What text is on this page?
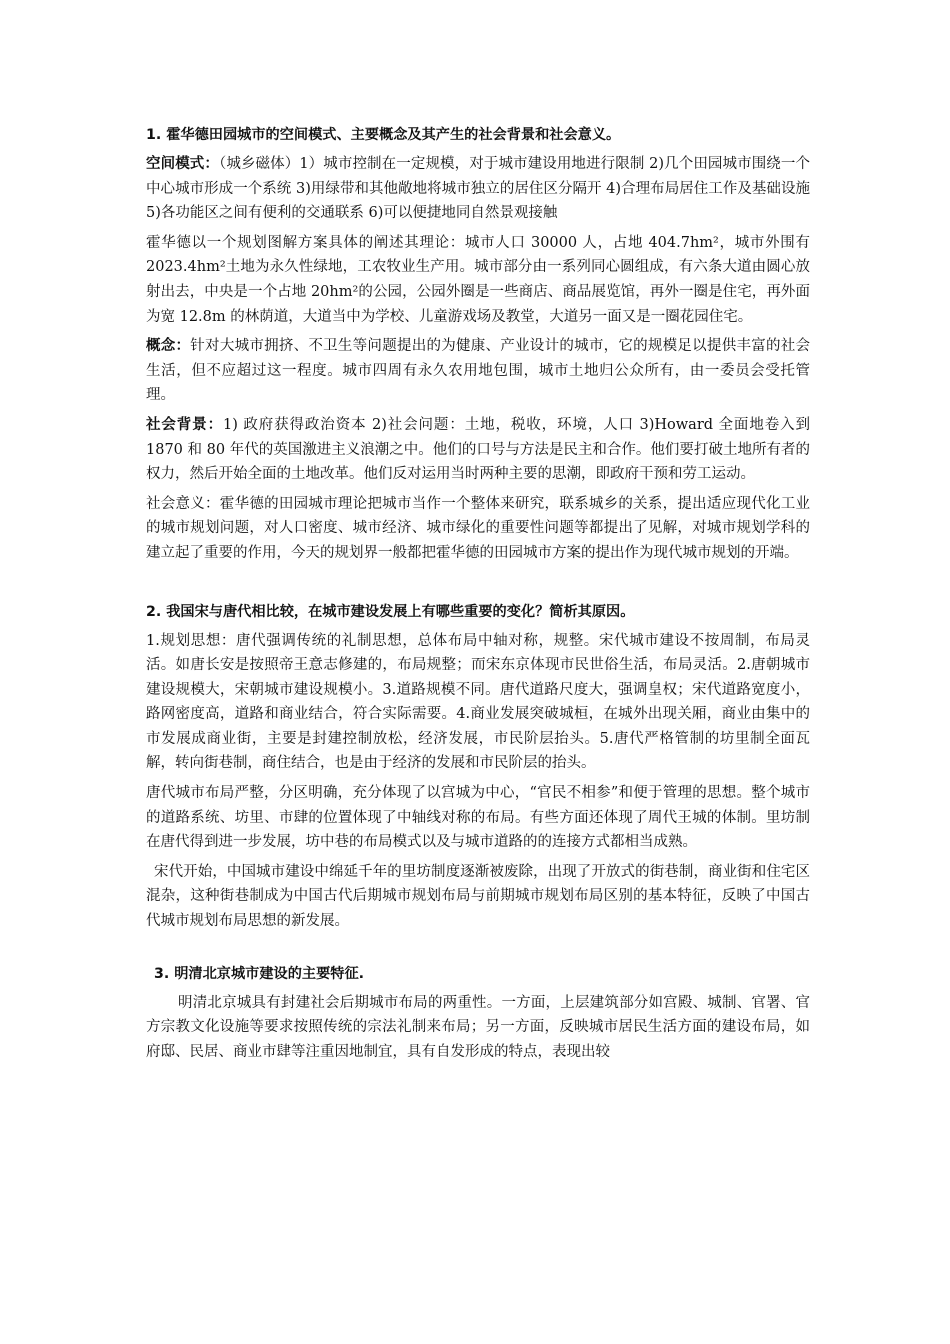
1. 霍华德田园城市的空间模式、主要概念及其产生的社会背景和社会意义。

空间模式：（城乡磁体）1）城市控制在一定规模，对于城市建设用地进行限制 2)几个田园城市围绕一个中心城市形成一个系统 3)用绿带和其他敞地将城市独立的居住区分隔开 4)合理布局居住工作及基础设施 5)各功能区之间有便利的交通联系 6)可以便捷地同自然景观接触

霍华德以一个规划图解方案具体的阐述其理论：城市人口 30000 人，占地 404.7hm²，城市外围有 2023.4hm²土地为永久性绿地，工农牧业生产用。城市部分由一系列同心圆组成，有六条大道由圆心放射出去，中央是一个占地 20hm²的公园，公园外圈是一些商店、商品展览馆，再外一圈是住宅，再外面为宽 12.8m 的林荫道，大道当中为学校、儿童游戏场及教堂，大道另一面又是一圈花园住宅。

概念：针对大城市拥挤、不卫生等问题提出的为健康、产业设计的城市，它的规模足以提供丰富的社会生活，但不应超过这一程度。城市四周有永久农用地包围，城市土地归公众所有，由一委员会受托管理。

社会背景：1) 政府获得政治资本 2)社会问题：土地，税收，环境，人口 3)Howard 全面地卷入到 1870 和 80 年代的英国激进主义浪潮之中。他们的口号与方法是民主和合作。他们要打破土地所有者的权力，然后开始全面的土地改革。他们反对运用当时两种主要的思潮，即政府干预和劳工运动。

社会意义：霍华德的田园城市理论把城市当作一个整体来研究，联系城乡的关系，提出适应现代化工业的城市规划问题，对人口密度、城市经济、城市绿化的重要性问题等都提出了见解，对城市规划学科的建立起了重要的作用，今天的规划界一般都把霍华德的田园城市方案的提出作为现代城市规划的开端。

2. 我国宋与唐代相比较，在城市建设发展上有哪些重要的变化？简析其原因。

1.规划思想：唐代强调传统的礼制思想，总体布局中轴对称，规整。宋代城市建设不按周制，布局灵活。如唐长安是按照帝王意志修建的，布局规整；而宋东京体现市民世俗生活，布局灵活。2.唐朝城市建设规模大，宋朝城市建设规模小。3.道路规模不同。唐代道路尺度大，强调皇权；宋代道路宽度小，路网密度高，道路和商业结合，符合实际需要。4.商业发展突破城桓，在城外出现关厢，商业由集中的市发展成商业街，主要是封建控制放松，经济发展，市民阶层抬头。5.唐代严格管制的坊里制全面瓦解，转向街巷制，商住结合，也是由于经济的发展和市民阶层的抬头。

唐代城市布局严整，分区明确，充分体现了以宫城为中心，“官民不相参”和便于管理的思想。整个城市的道路系统、坊里、市肆的位置体现了中轴线对称的布局。有些方面还体现了周代王城的体制。里坊制在唐代得到进一步发展，坊中巷的布局模式以及与城市道路的的连接方式都相当成熟。

宋代开始，中国城市建设中绵延千年的里坊制度逐渐被废除，出现了开放式的街巷制，商业街和住宅区混杂，这种街巷制成为中国古代后期城市规划布局与前期城市规划布局区别的基本特征，反映了中国古代城市规划布局思想的新发展。

3. 明清北京城市建设的主要特征.

明清北京城具有封建社会后期城市布局的两重性。一方面，上层建筑部分如宫殿、城制、官署、官方宗教文化设施等要求按照传统的宗法礼制来布局；另一方面，反映城市居民生活方面的建设布局，如府邸、民居、商业市肆等注重因地制宜，具有自发形成的特点，表现出较
